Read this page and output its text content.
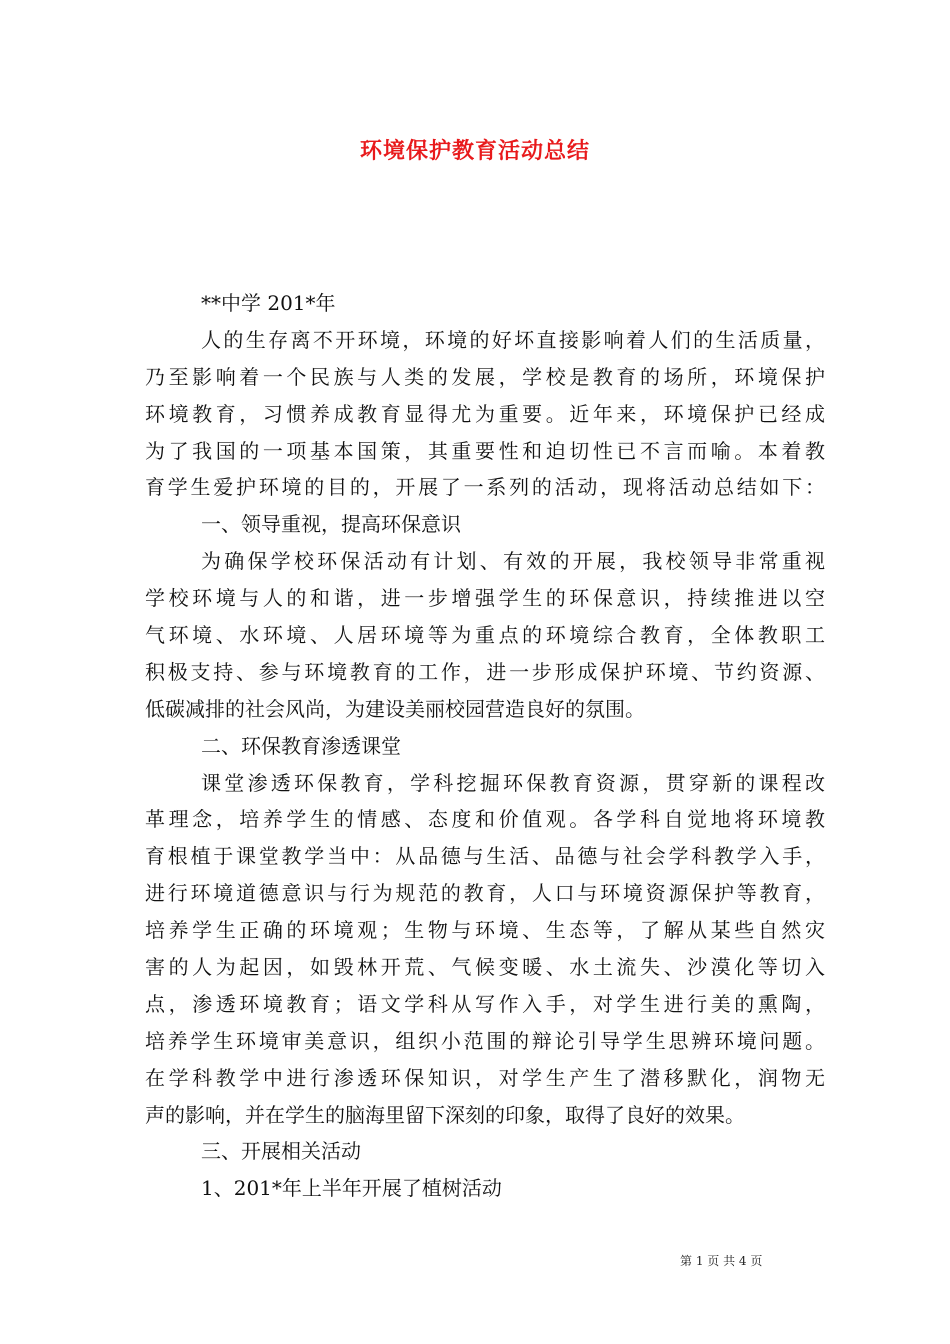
环境保护教育活动总结
**中学 201*年
人的生存离不开环境，环境的好坏直接影响着人们的生活质量，
乃至影响着一个民族与人类的发展，学校是教育的场所，环境保护
环境教育，习惯养成教育显得尤为重要。近年来，环境保护已经成
为了我国的一项基本国策，其重要性和迫切性已不言而喻。本着教
育学生爱护环境的目的，开展了一系列的活动，现将活动总结如下：
一、领导重视，提高环保意识
为确保学校环保活动有计划、有效的开展，我校领导非常重视
学校环境与人的和谐，进一步增强学生的环保意识，持续推进以空
气环境、水环境、人居环境等为重点的环境综合教育，全体教职工
积极支持、参与环境教育的工作，进一步形成保护环境、节约资源、
低碳减排的社会风尚，为建设美丽校园营造良好的氛围。
二、环保教育渗透课堂
课堂渗透环保教育，学科挖掘环保教育资源，贯穿新的课程改
革理念，培养学生的情感、态度和价值观。各学科自觉地将环境教
育根植于课堂教学当中：从品德与生活、品德与社会学科教学入手，
进行环境道德意识与行为规范的教育，人口与环境资源保护等教育，
培养学生正确的环境观；生物与环境、生态等，了解从某些自然灾
害的人为起因，如毁林开荒、气候变暖、水土流失、沙漠化等切入
点，渗透环境教育；语文学科从写作入手，对学生进行美的熏陶，
培养学生环境审美意识，组织小范围的辩论引导学生思辨环境问题。
在学科教学中进行渗透环保知识，对学生产生了潜移默化，润物无
声的影响，并在学生的脑海里留下深刻的印象，取得了良好的效果。
三、开展相关活动
1、201*年上半年开展了植树活动
第 1 页 共 4 页
